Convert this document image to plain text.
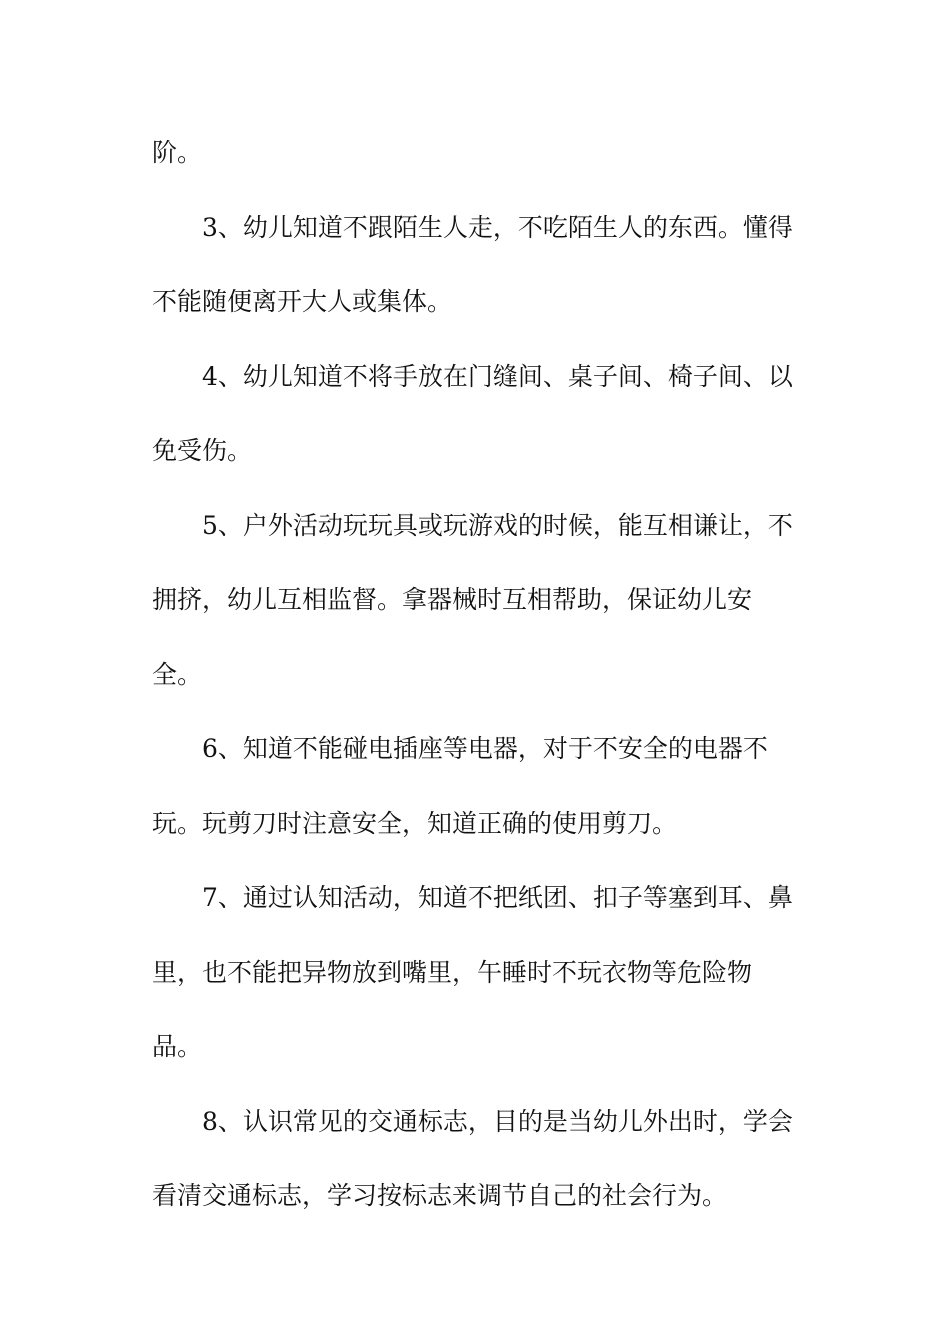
阶。
3、幼儿知道不跟陌生人走，不吃陌生人的东西。懂得
不能随便离开大人或集体。
4、幼儿知道不将手放在门缝间、桌子间、椅子间、以
免受伤。
5、户外活动玩玩具或玩游戏的时候，能互相谦让，不
拥挤，幼儿互相监督。拿器械时互相帮助，保证幼儿安
全。
6、知道不能碰电插座等电器，对于不安全的电器不
玩。玩剪刀时注意安全，知道正确的使用剪刀。
7、通过认知活动，知道不把纸团、扣子等塞到耳、鼻
里，也不能把异物放到嘴里，午睡时不玩衣物等危险物
品。
8、认识常见的交通标志，目的是当幼儿外出时，学会
看清交通标志，学习按标志来调节自己的社会行为。
